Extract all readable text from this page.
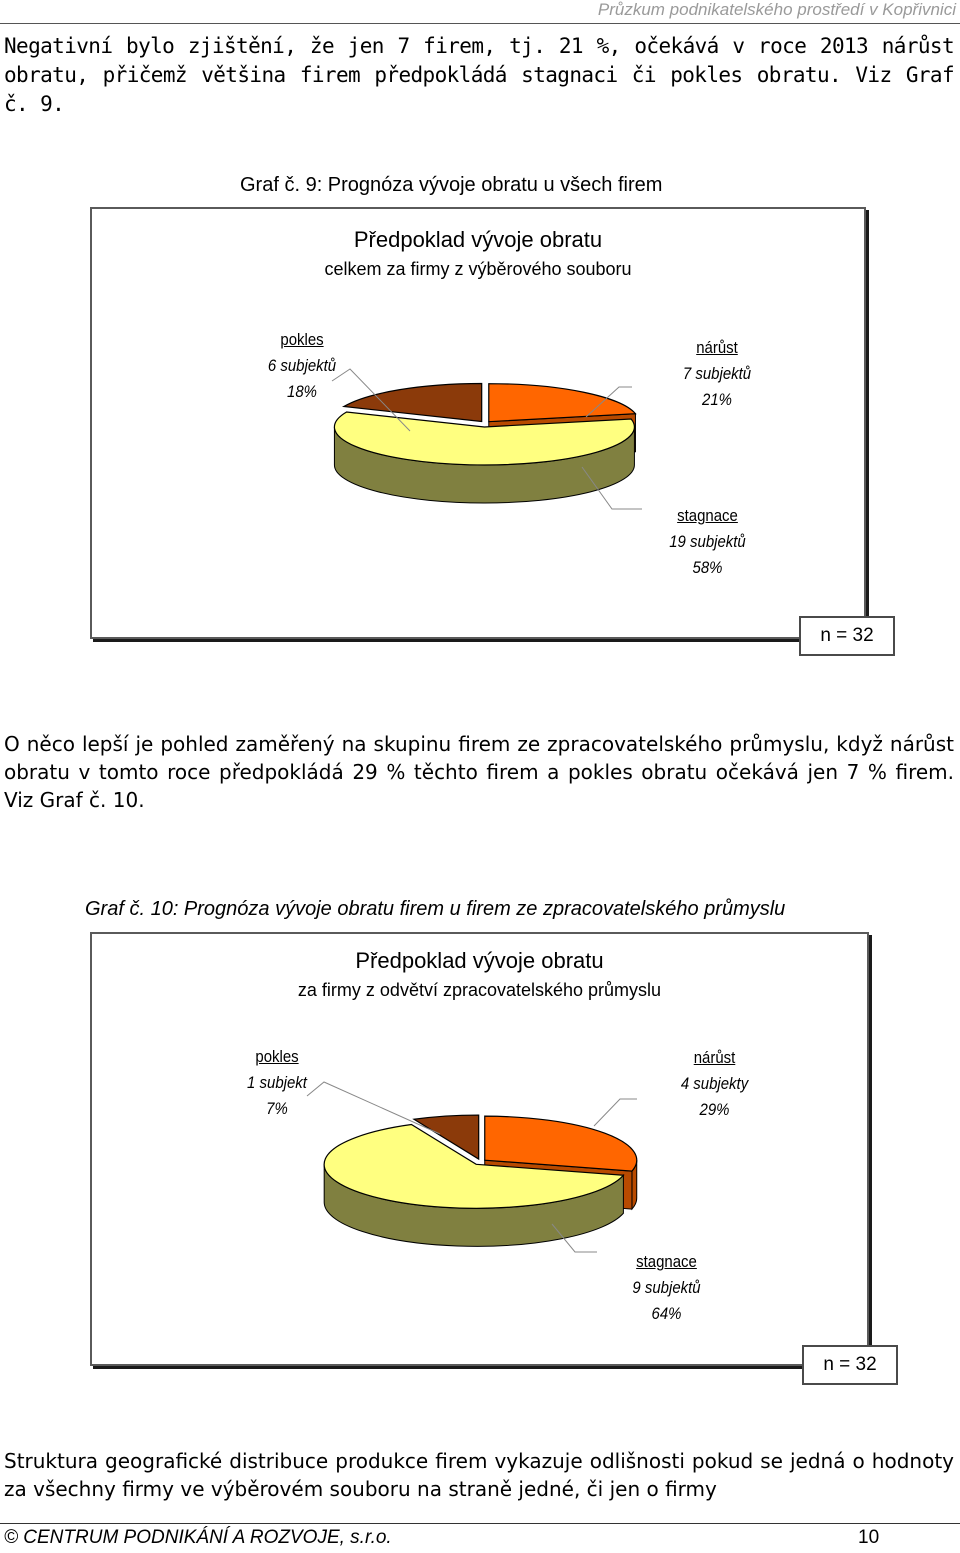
Průzkum podnikatelského prostředí v Kopřivnici

Negativní bylo zjištění, že jen 7 firem, tj. 21 %, očekává v roce 2013 nárůst obratu, přičemž většina firem předpokládá stagnaci či pokles obratu. Viz Graf č. 9.

Graf č. 9: Prognóza vývoje obratu u všech firem
Předpoklad vývoje obratu
celkem za firmy z výběrového souboru
pokles
6 subjektů
18%
nárůst
7 subjektů
21%
stagnace
19 subjektů
58%
n = 32

O něco lepší je pohled zaměřený na skupinu firem ze zpracovatelského průmyslu, když nárůst obratu v tomto roce předpokládá 29 % těchto firem a pokles obratu očekává jen 7 % firem. Viz Graf č. 10.

Graf č. 10: Prognóza vývoje obratu firem u firem ze zpracovatelského průmyslu
Předpoklad vývoje obratu
za firmy z odvětví zpracovatelského průmyslu
pokles
1 subjekt
7%
nárůst
4 subjekty
29%
stagnace
9 subjektů
64%
n = 32

Struktura geografické distribuce produkce firem vykazuje odlišnosti pokud se jedná o hodnoty za všechny firmy ve výběrovém souboru na straně jedné, či jen o firmy

© CENTRUM PODNIKÁNÍ A ROZVOJE, s.r.o.	10
